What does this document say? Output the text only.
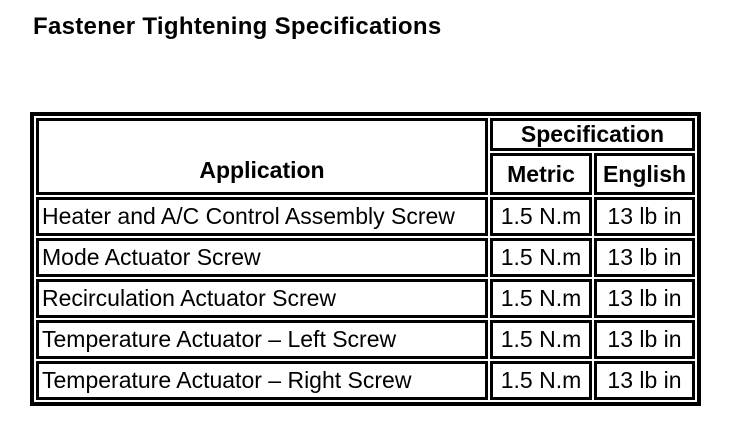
Fastener Tightening Specifications
Application	Specification	
	Metric	English
Heater and A/C Control Assembly Screw	1.5 N.m	13 lb in
Mode Actuator Screw	1.5 N.m	13 lb in
Recirculation Actuator Screw	1.5 N.m	13 lb in
Temperature Actuator – Left Screw	1.5 N.m	13 lb in
Temperature Actuator – Right Screw	1.5 N.m	13 lb in
